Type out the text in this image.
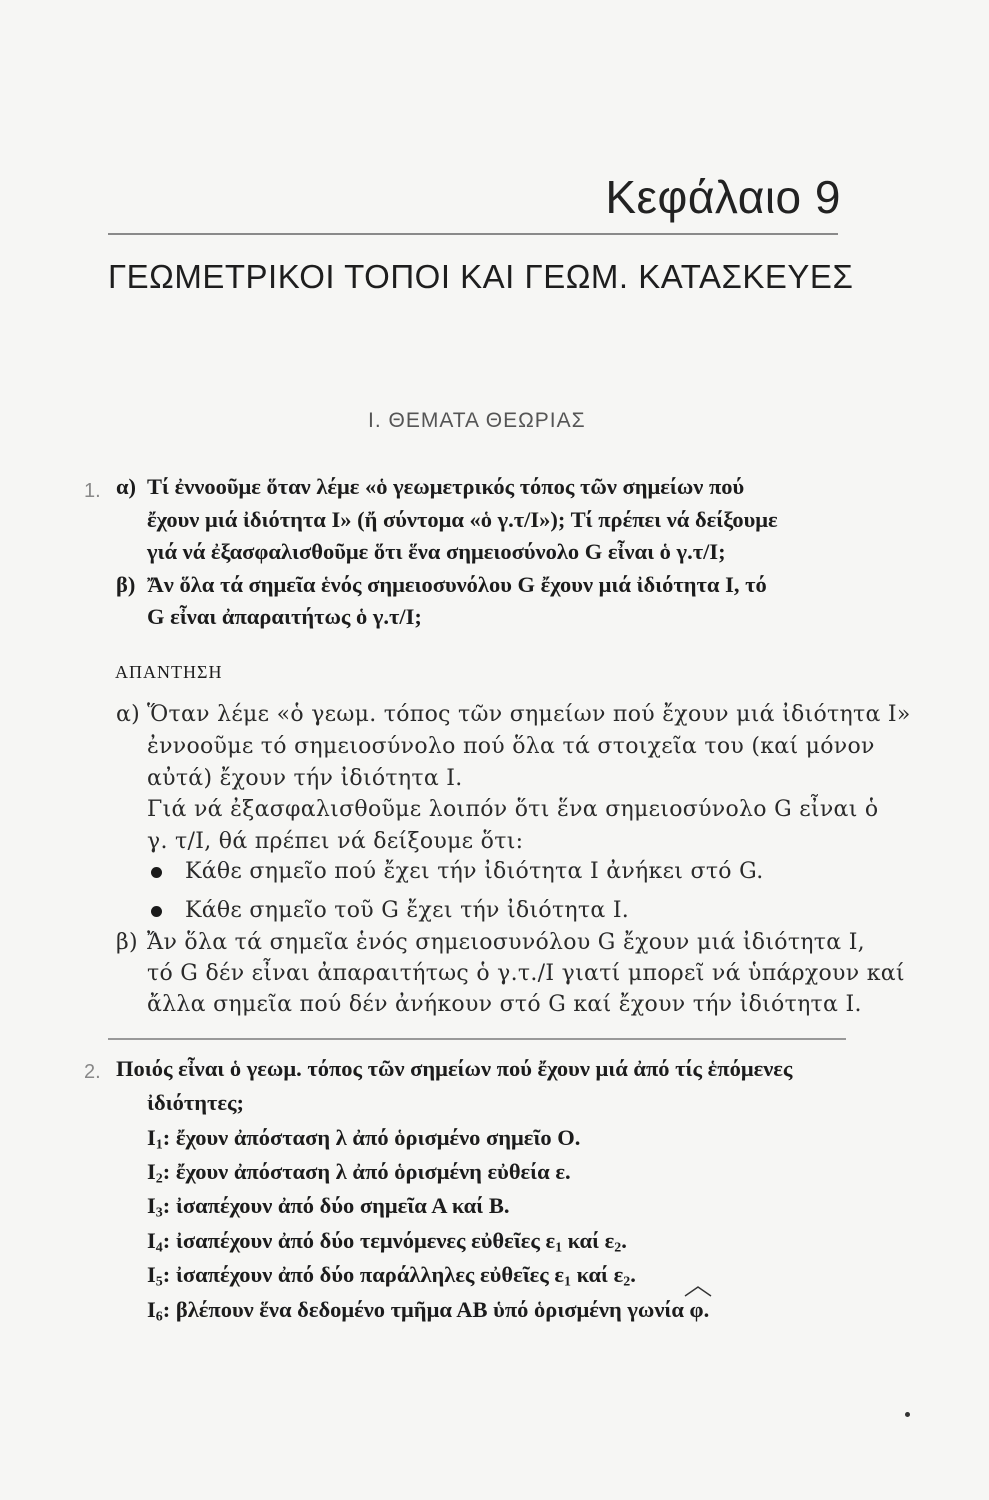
Κεφάλαιο 9
ΓΕΩΜΕΤΡΙΚΟΙ ΤΟΠΟΙ ΚΑΙ ΓΕΩΜ. ΚΑΤΑΣΚΕΥΕΣ
Ι. ΘΕΜΑΤΑ ΘΕΩΡΙΑΣ
1. α) Τί ἐννοοῦμε ὅταν λέμε «ὁ γεωμετρικός τόπος τῶν σημείων πού
ἔχουν μιά ἰδιότητα Ι» (ἤ σύντομα «ὁ γ.τ/Ι»); Τί πρέπει νά δείξουμε
γιά νά ἐξασφαλισθοῦμε ὅτι ἕνα σημειοσύνολο G εἶναι ὁ γ.τ/Ι;
β) Ἄν ὅλα τά σημεῖα ἑνός σημειοσυνόλου G ἔχουν μιά ἰδιότητα Ι, τό
G εἶναι ἀπαραιτήτως ὁ γ.τ/Ι;
ΑΠΑΝΤΗΣΗ
α) Ὅταν λέμε «ὁ γεωμ. τόπος τῶν σημείων πού ἔχουν μιά ἰδιότητα Ι»
ἐννοοῦμε τό σημειοσύνολο πού ὅλα τά στοιχεῖα του (καί μόνον
αὐτά) ἔχουν τήν ἰδιότητα Ι.
Γιά νά ἐξασφαλισθοῦμε λοιπόν ὅτι ἕνα σημειοσύνολο G εἶναι ὁ
γ. τ/Ι, θά πρέπει νά δείξουμε ὅτι:
Κάθε σημεῖο πού ἔχει τήν ἰδιότητα Ι ἀνήκει στό G.
Κάθε σημεῖο τοῦ G ἔχει τήν ἰδιότητα Ι.
β) Ἄν ὅλα τά σημεῖα ἑνός σημειοσυνόλου G ἔχουν μιά ἰδιότητα Ι,
τό G δέν εἶναι ἀπαραιτήτως ὁ γ.τ./Ι γιατί μπορεῖ νά ὑπάρχουν καί
ἄλλα σημεῖα πού δέν ἀνήκουν στό G καί ἔχουν τήν ἰδιότητα Ι.
2. Ποιός εἶναι ὁ γεωμ. τόπος τῶν σημείων πού ἔχουν μιά ἀπό τίς ἑπόμενες
ἰδιότητες;
$I_1$: ἔχουν ἀπόσταση λ ἀπό ὁρισμένο σημεῖο Ο.
$I_2$: ἔχουν ἀπόσταση λ ἀπό ὁρισμένη εὐθεία ε.
$I_3$: ἰσαπέχουν ἀπό δύο σημεῖα Α καί Β.
$I_4$: ἰσαπέχουν ἀπό δύο τεμνόμενες εὐθεῖες $\varepsilon_1$ καί $\varepsilon_2$.
$I_5$: ἰσαπέχουν ἀπό δύο παράλληλες εὐθεῖες $\varepsilon_1$ καί $\varepsilon_2$.
$I_6$: βλέπουν ἕνα δεδομένο τμῆμα ΑΒ ὑπό ὁρισμένη γωνία
φ.
